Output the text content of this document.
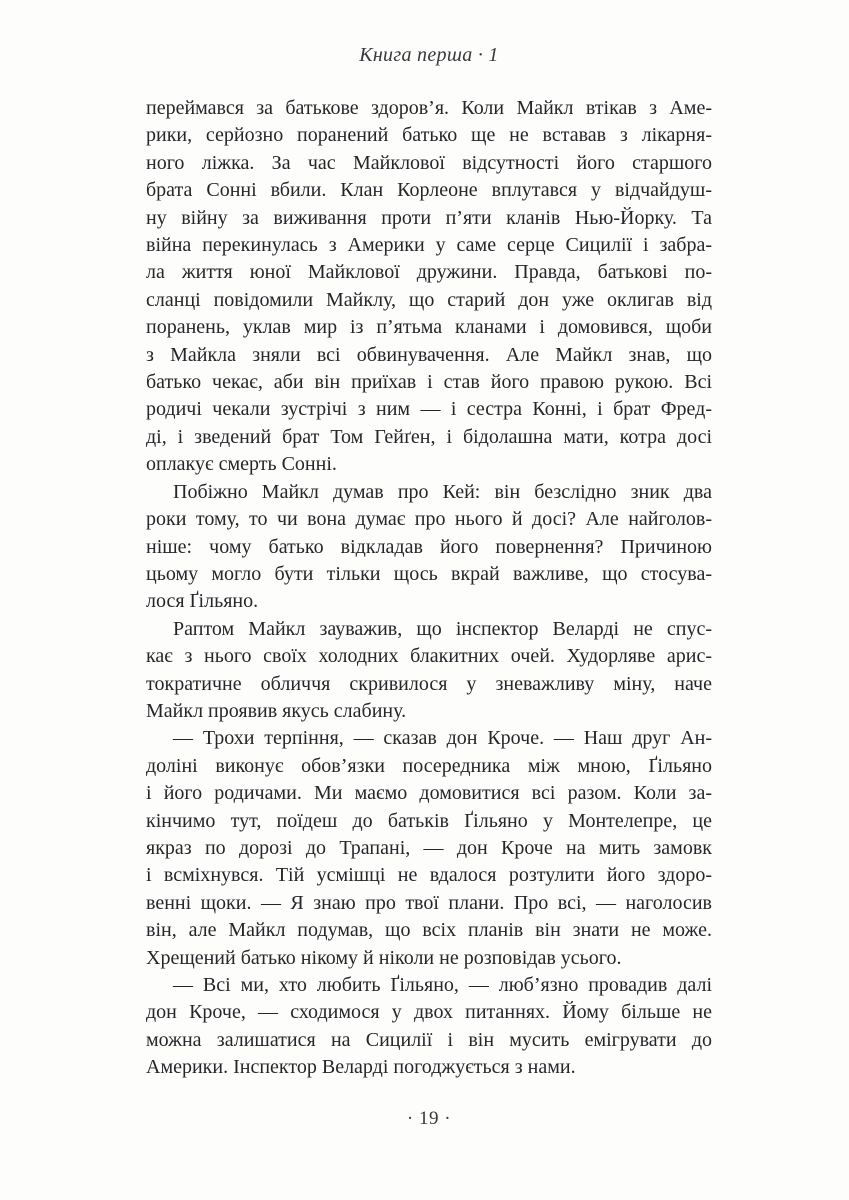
Книга перша · 1
переймався за батькове здоров’я. Коли Майкл втікав з Аме-
рики, серйозно поранений батько ще не вставав з лікарня-
ного ліжка. За час Майклової відсутності його старшого
брата Сонні вбили. Клан Корлеоне вплутався у відчайдуш-
ну війну за виживання проти п’яти кланів Нью-Йорку. Та
війна перекинулась з Америки у саме серце Сицилії і забра-
ла життя юної Майклової дружини. Правда, батькові по-
сланці повідомили Майклу, що старий дон уже оклигав від
поранень, уклав мир із п’ятьма кланами і домовився, щоби
з Майкла зняли всі обвинувачення. Але Майкл знав, що
батько чекає, аби він приїхав і став його правою рукою. Всі
родичі чекали зустрічі з ним — і сестра Конні, і брат Фред-
ді, і зведений брат Том Гейґен, і бідолашна мати, котра досі
оплакує смерть Сонні.
Побіжно Майкл думав про Кей: він безслідно зник два
роки тому, то чи вона думає про нього й досі? Але найголов-
ніше: чому батько відкладав його повернення? Причиною
цьому могло бути тільки щось вкрай важливе, що стосува-
лося Ґільяно.
Раптом Майкл зауважив, що інспектор Веларді не спус-
кає з нього своїх холодних блакитних очей. Худорляве арис-
тократичне обличчя скривилося у зневажливу міну, наче
Майкл проявив якусь слабину.
— Трохи терпіння, — сказав дон Кроче. — Наш друг Ан-
доліні виконує обов’язки посередника між мною, Ґільяно
і його родичами. Ми маємо домовитися всі разом. Коли за-
кінчимо тут, поїдеш до батьків Ґільяно у Монтелепре, це
якраз по дорозі до Трапані, — дон Кроче на мить замовк
і всміхнувся. Тій усмішці не вдалося розтулити його здоро-
венні щоки. — Я знаю про твої плани. Про всі, — наголосив
він, але Майкл подумав, що всіх планів він знати не може.
Хрещений батько нікому й ніколи не розповідав усього.
— Всі ми, хто любить Ґільяно, — люб’язно провадив далі
дон Кроче, — сходимося у двох питаннях. Йому більше не
можна залишатися на Сицилії і він мусить емігрувати до
Америки. Інспектор Веларді погоджується з нами.
· 19 ·
